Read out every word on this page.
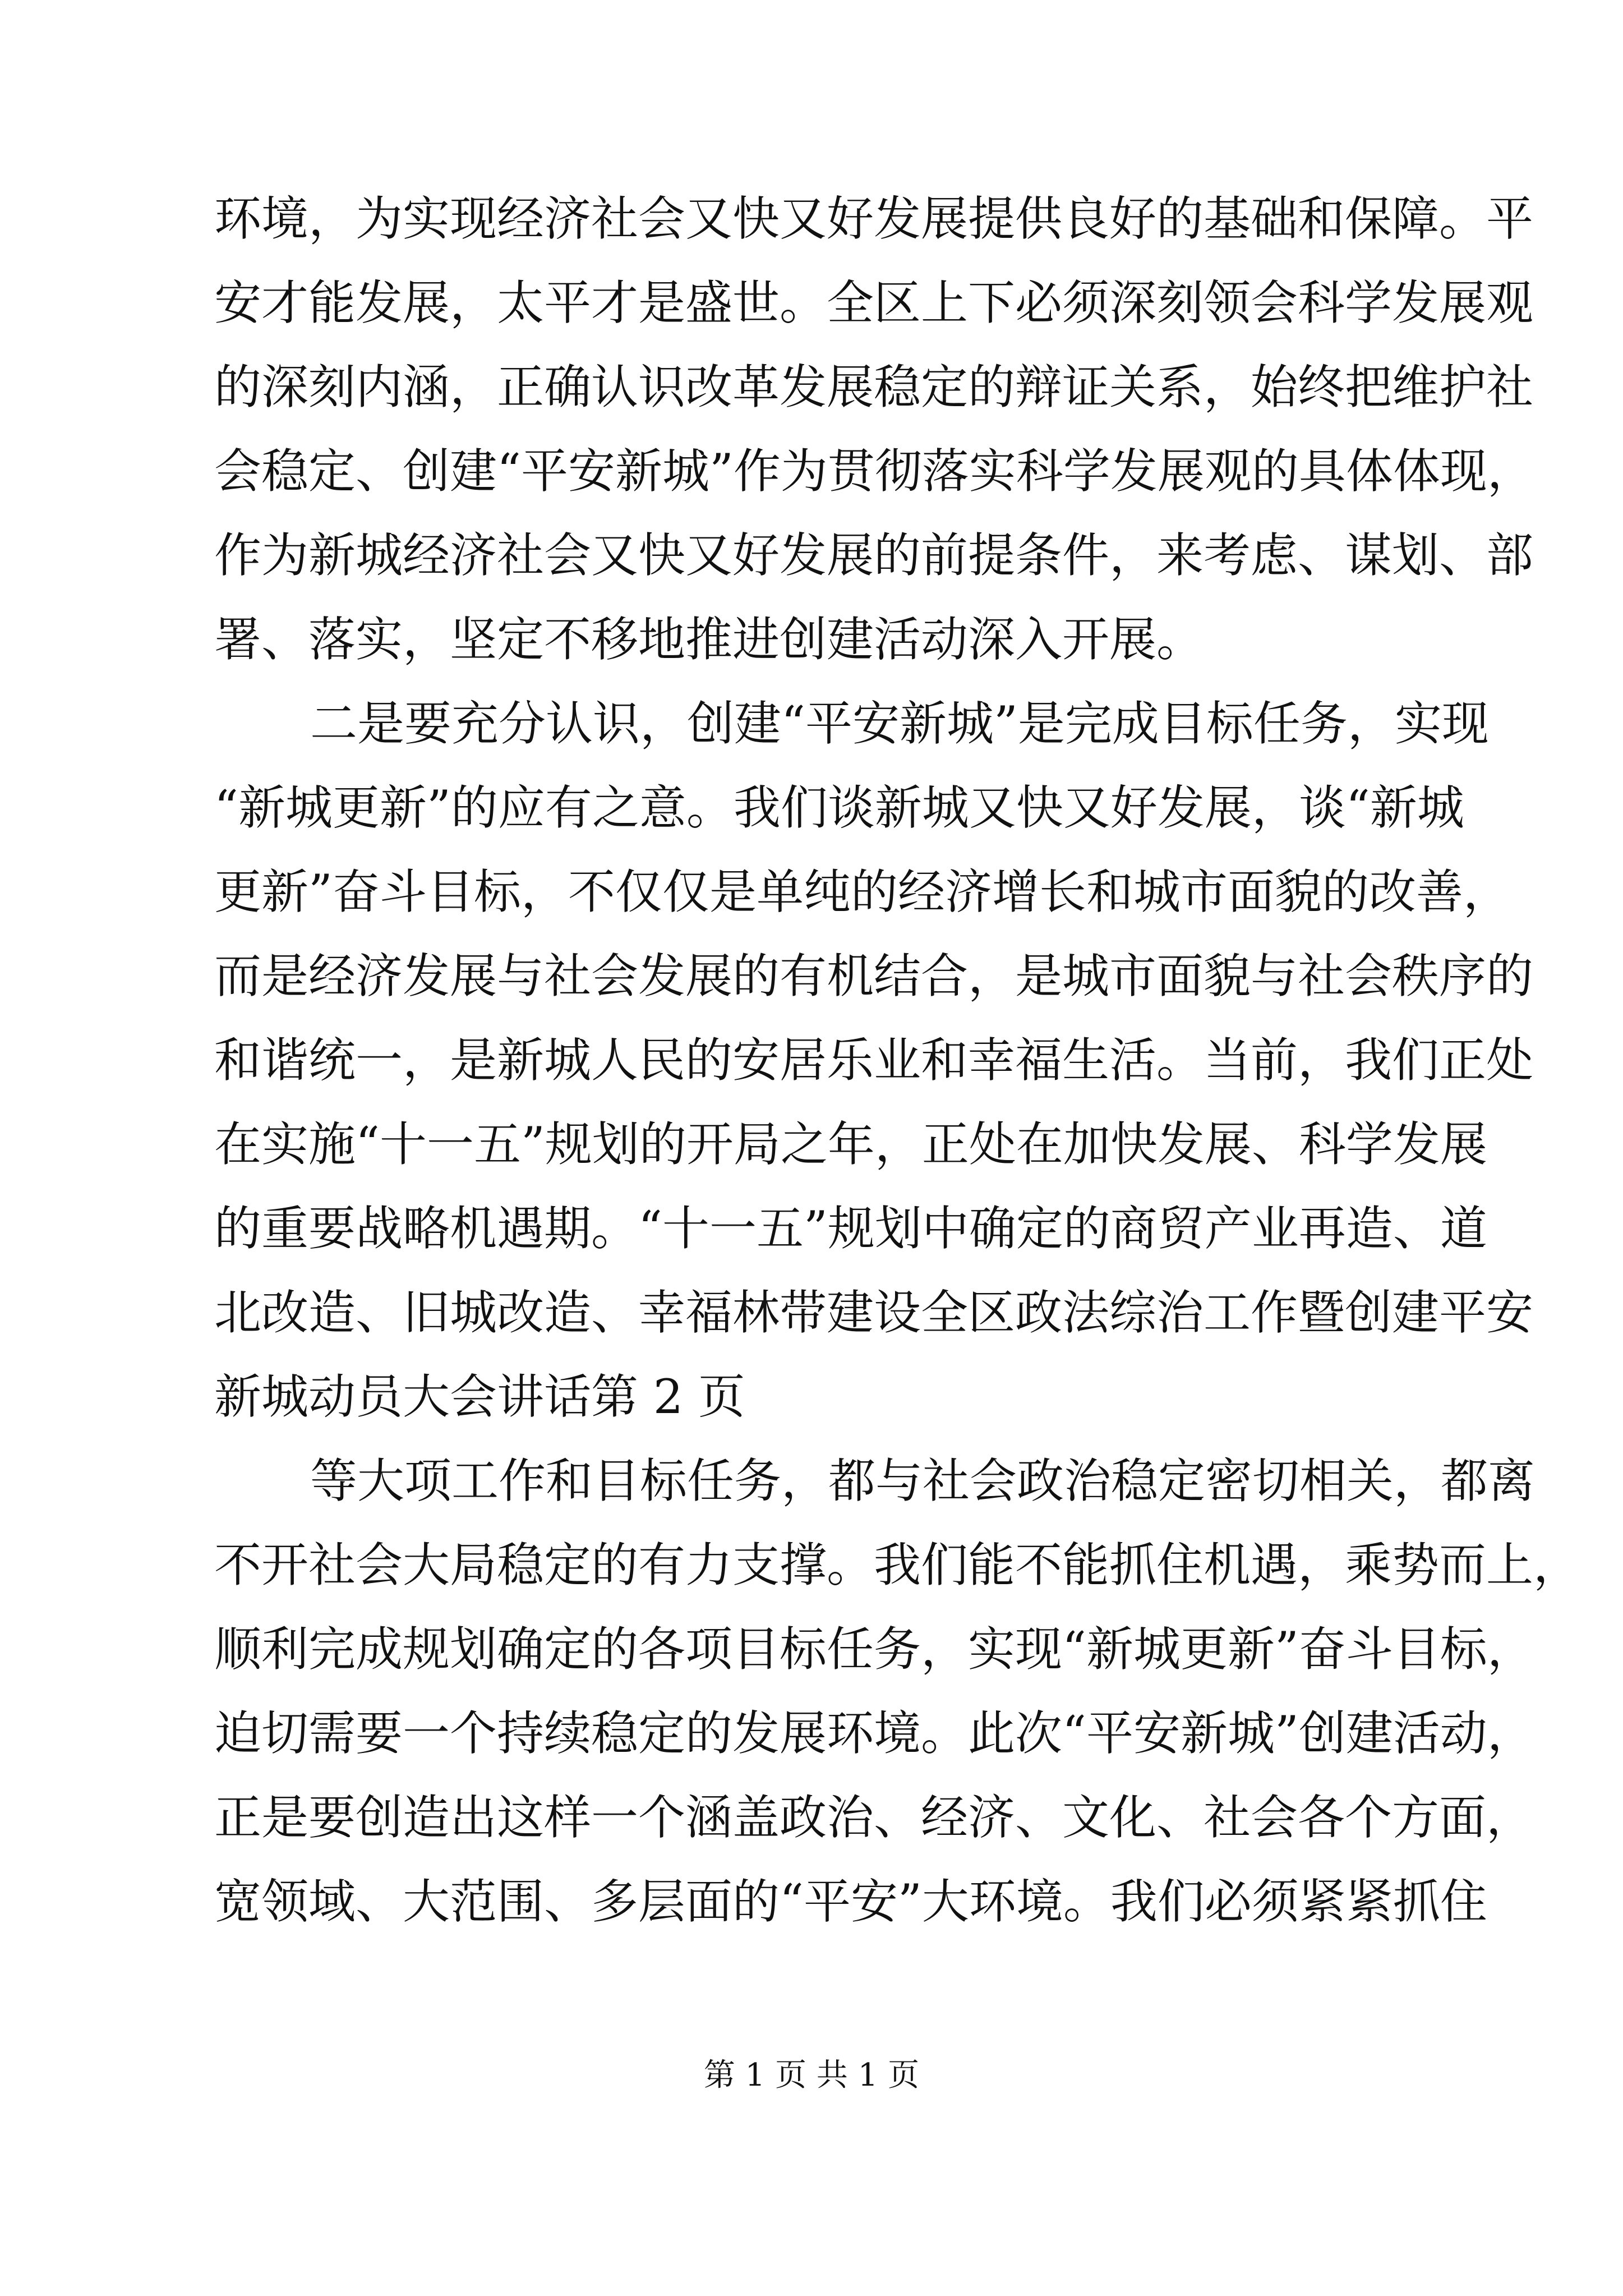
环境，为实现经济社会又快又好发展提供良好的基础和保障。平
安才能发展，太平才是盛世。全区上下必须深刻领会科学发展观
的深刻内涵，正确认识改革发展稳定的辩证关系，始终把维护社
会稳定、创建“平安新城”作为贯彻落实科学发展观的具体体现，
作为新城经济社会又快又好发展的前提条件，来考虑、谋划、部
署、落实，坚定不移地推进创建活动深入开展。
二是要充分认识，创建“平安新城”是完成目标任务，实现
“新城更新”的应有之意。我们谈新城又快又好发展，谈“新城
更新”奋斗目标，不仅仅是单纯的经济增长和城市面貌的改善，
而是经济发展与社会发展的有机结合，是城市面貌与社会秩序的
和谐统一，是新城人民的安居乐业和幸福生活。当前，我们正处
在实施“十一五”规划的开局之年，正处在加快发展、科学发展
的重要战略机遇期。“十一五”规划中确定的商贸产业再造、道
北改造、旧城改造、幸福林带建设全区政法综治工作暨创建平安
新城动员大会讲话第 2 页
等大项工作和目标任务，都与社会政治稳定密切相关，都离
不开社会大局稳定的有力支撑。我们能不能抓住机遇，乘势而上，
顺利完成规划确定的各项目标任务，实现“新城更新”奋斗目标，
迫切需要一个持续稳定的发展环境。此次“平安新城”创建活动，
正是要创造出这样一个涵盖政治、经济、文化、社会各个方面，
宽领域、大范围、多层面的“平安”大环境。我们必须紧紧抓住
第 1 页 共 1 页
